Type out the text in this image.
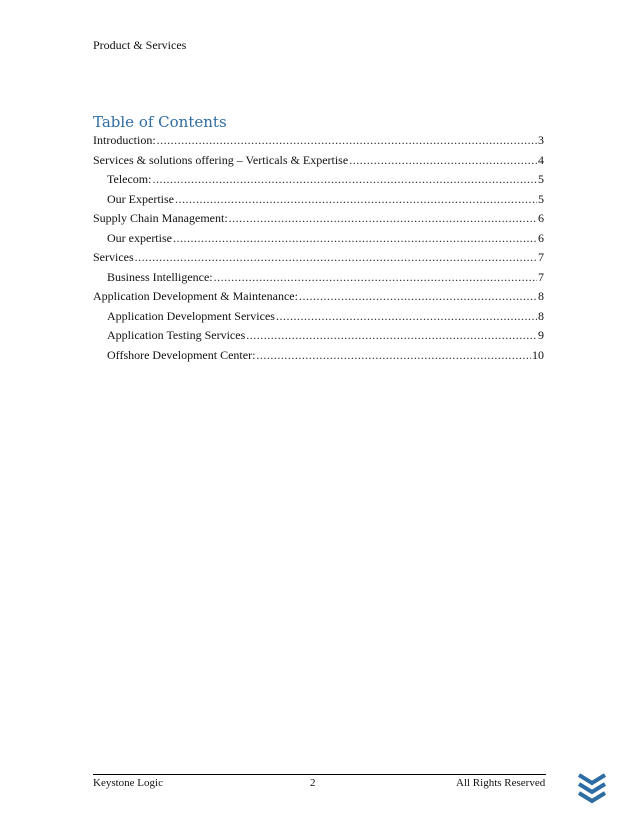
Product & Services
Table of Contents
Introduction: .....	3
Services & solutions offering – Verticals & Expertise .....	4
Telecom: .....	5
Our Expertise .....	5
Supply Chain Management: .....	6
Our expertise .....	6
Services .....	7
Business Intelligence: .....	7
Application Development & Maintenance: .....	8
Application Development Services .....	8
Application Testing Services .....	9
Offshore Development Center: .....	10
Keystone Logic	2	All Rights Reserved
